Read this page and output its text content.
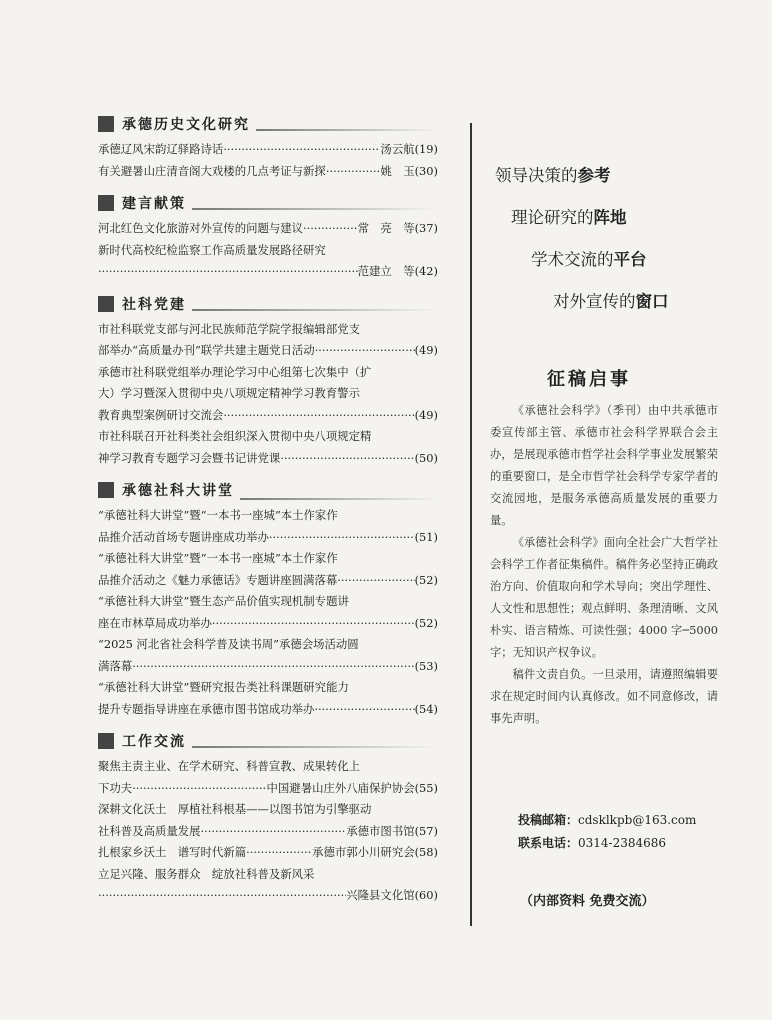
承德历史文化研究
承德辽风宋韵辽驿路诗话 ·····	汤云航 (19)
有关避暑山庄清音阁大戏楼的几点考证与新探 ·····	姚　玉 (30)
建言献策
河北红色文化旅游对外宣传的问题与建议 ·····	常　亮　等 (37)
新时代高校纪检监察工作高质量发展路径研究
·····
范建立　等 (42)
社科党建
市社科联党支部与河北民族师范学院学报编辑部党支
部举办“高质量办刊”联学共建主题党日活动 ·····	(49)
承德市社科联党组举办理论学习中心组第七次集中（扩
大）学习暨深入贯彻中央八项规定精神学习教育警示
教育典型案例研讨交流会 ·····	(49)
市社科联召开社科类社会组织深入贯彻中央八项规定精
神学习教育专题学习会暨书记讲党课 ·····	(50)
承德社科大讲堂
“承德社科大讲堂”暨“一本书一座城”本土作家作
品推介活动首场专题讲座成功举办 ·····	(51)
“承德社科大讲堂”暨“一本书一座城”本土作家作
品推介活动之《魅力承德话》专题讲座圆满落幕 ·····	(52)
“承德社科大讲堂”暨生态产品价值实现机制专题讲
座在市林草局成功举办 ·····	(52)
“2025 河北省社会科学普及读书周”承德会场活动圆
满落幕 ·····	(53)
“承德社科大讲堂”暨研究报告类社科课题研究能力
提升专题指导讲座在承德市图书馆成功举办 ·····	(54)
工作交流
聚焦主责主业、在学术研究、科普宣教、成果转化上
下功夫 ·····	中国避暑山庄外八庙保护协会 (55)
深耕文化沃土　厚植社科根基——以图书馆为引擎驱动
社科普及高质量发展 ·····	承德市图书馆 (57)
扎根家乡沃土　谱写时代新篇 ·····	承德市郭小川研究会 (58)
立足兴隆、服务群众　绽放社科普及新风采
·····
兴隆县文化馆 (60)
领导决策的参考
理论研究的阵地
学术交流的平台
对外宣传的窗口
征稿启事

《承德社会科学》（季刊）由中共承德市委宣传部主管、承德市社会科学界联合会主办，是展现承德市哲学社会科学事业发展繁荣的重要窗口，是全市哲学社会科学专家学者的交流园地，是服务承德高质量发展的重要力量。

《承德社会科学》面向全社会广大哲学社会科学工作者征集稿件。稿件务必坚持正确政治方向、价值取向和学术导向；突出学理性、人文性和思想性；观点鲜明、条理清晰、文风朴实、语言精炼、可读性强；4000 字─5000 字；无知识产权争议。

稿件文责自负。一旦录用，请遵照编辑要求在规定时间内认真修改。如不同意修改，请事先声明。

投稿邮箱：cdsklkpb@163.com
联系电话：0314-2384686
（内部资料 免费交流）
